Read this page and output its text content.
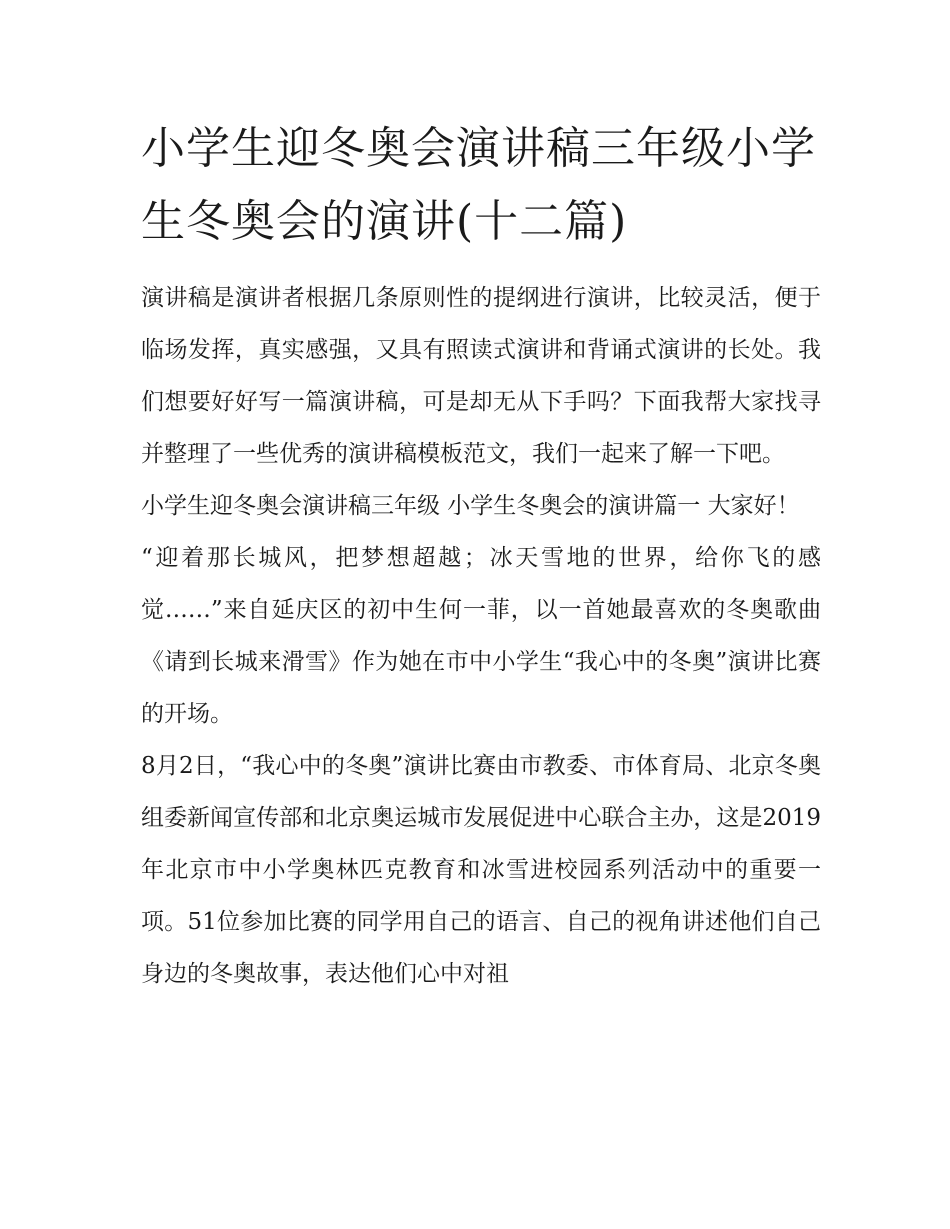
小学生迎冬奥会演讲稿三年级小学生冬奥会的演讲(十二篇)

演讲稿是演讲者根据几条原则性的提纲进行演讲，比较灵活，便于临场发挥，真实感强，又具有照读式演讲和背诵式演讲的长处。我们想要好好写一篇演讲稿，可是却无从下手吗？下面我帮大家找寻并整理了一些优秀的演讲稿模板范文，我们一起来了解一下吧。

小学生迎冬奥会演讲稿三年级 小学生冬奥会的演讲篇一 大家好！

“迎着那长城风，把梦想超越；冰天雪地的世界，给你飞的感觉……”来自延庆区的初中生何一菲，以一首她最喜欢的冬奥歌曲《请到长城来滑雪》作为她在市中小学生“我心中的冬奥”演讲比赛的开场。

8月2日，“我心中的冬奥”演讲比赛由市教委、市体育局、北京冬奥组委新闻宣传部和北京奥运城市发展促进中心联合主办，这是2019年北京市中小学奥林匹克教育和冰雪进校园系列活动中的重要一项。51位参加比赛的同学用自己的语言、自己的视角讲述他们自己身边的冬奥故事，表达他们心中对祖
